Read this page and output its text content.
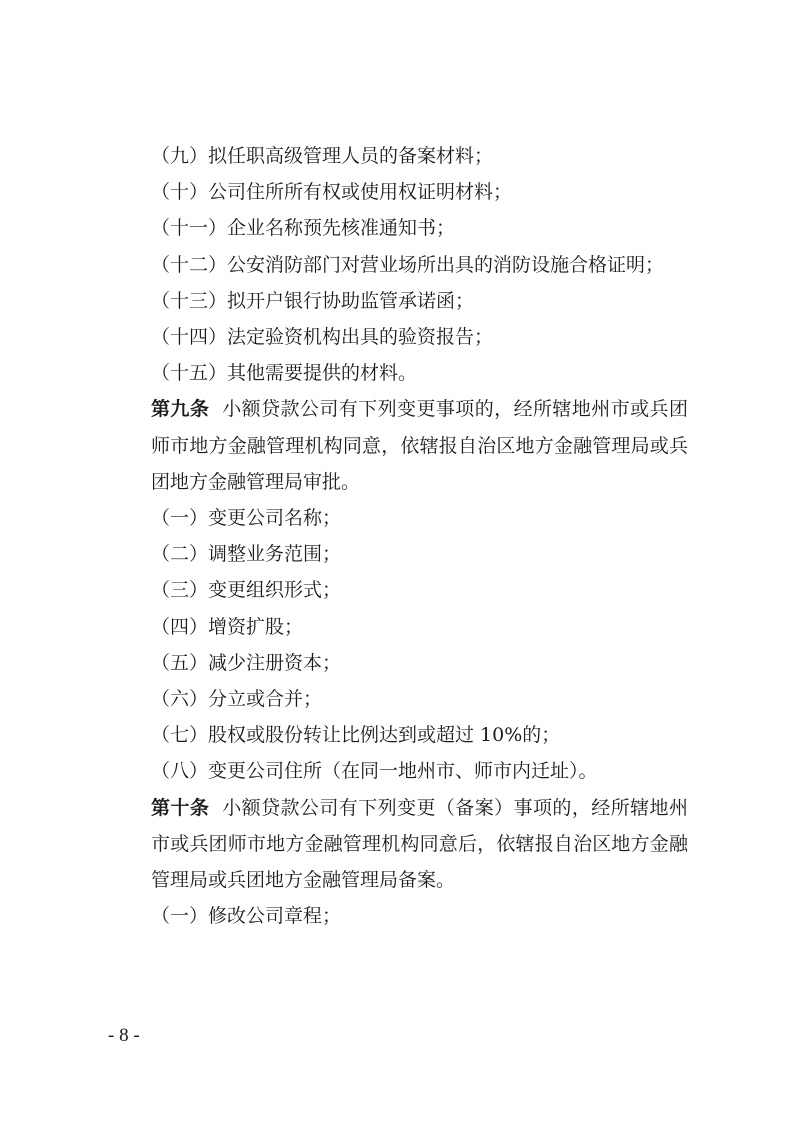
（九）拟任职高级管理人员的备案材料；

（十）公司住所所有权或使用权证明材料；

（十一）企业名称预先核准通知书；

（十二）公安消防部门对营业场所出具的消防设施合格证明；

（十三）拟开户银行协助监管承诺函；

（十四）法定验资机构出具的验资报告；

（十五）其他需要提供的材料。

第九条 小额贷款公司有下列变更事项的，经所辖地州市或兵团师市地方金融管理机构同意，依辖报自治区地方金融管理局或兵团地方金融管理局审批。

（一）变更公司名称；

（二）调整业务范围；

（三）变更组织形式；

（四）增资扩股；

（五）减少注册资本；

（六）分立或合并；

（七）股权或股份转让比例达到或超过 10%的；

（八）变更公司住所（在同一地州市、师市内迁址）。

第十条 小额贷款公司有下列变更（备案）事项的，经所辖地州市或兵团师市地方金融管理机构同意后，依辖报自治区地方金融管理局或兵团地方金融管理局备案。

（一）修改公司章程；

- 8 -
